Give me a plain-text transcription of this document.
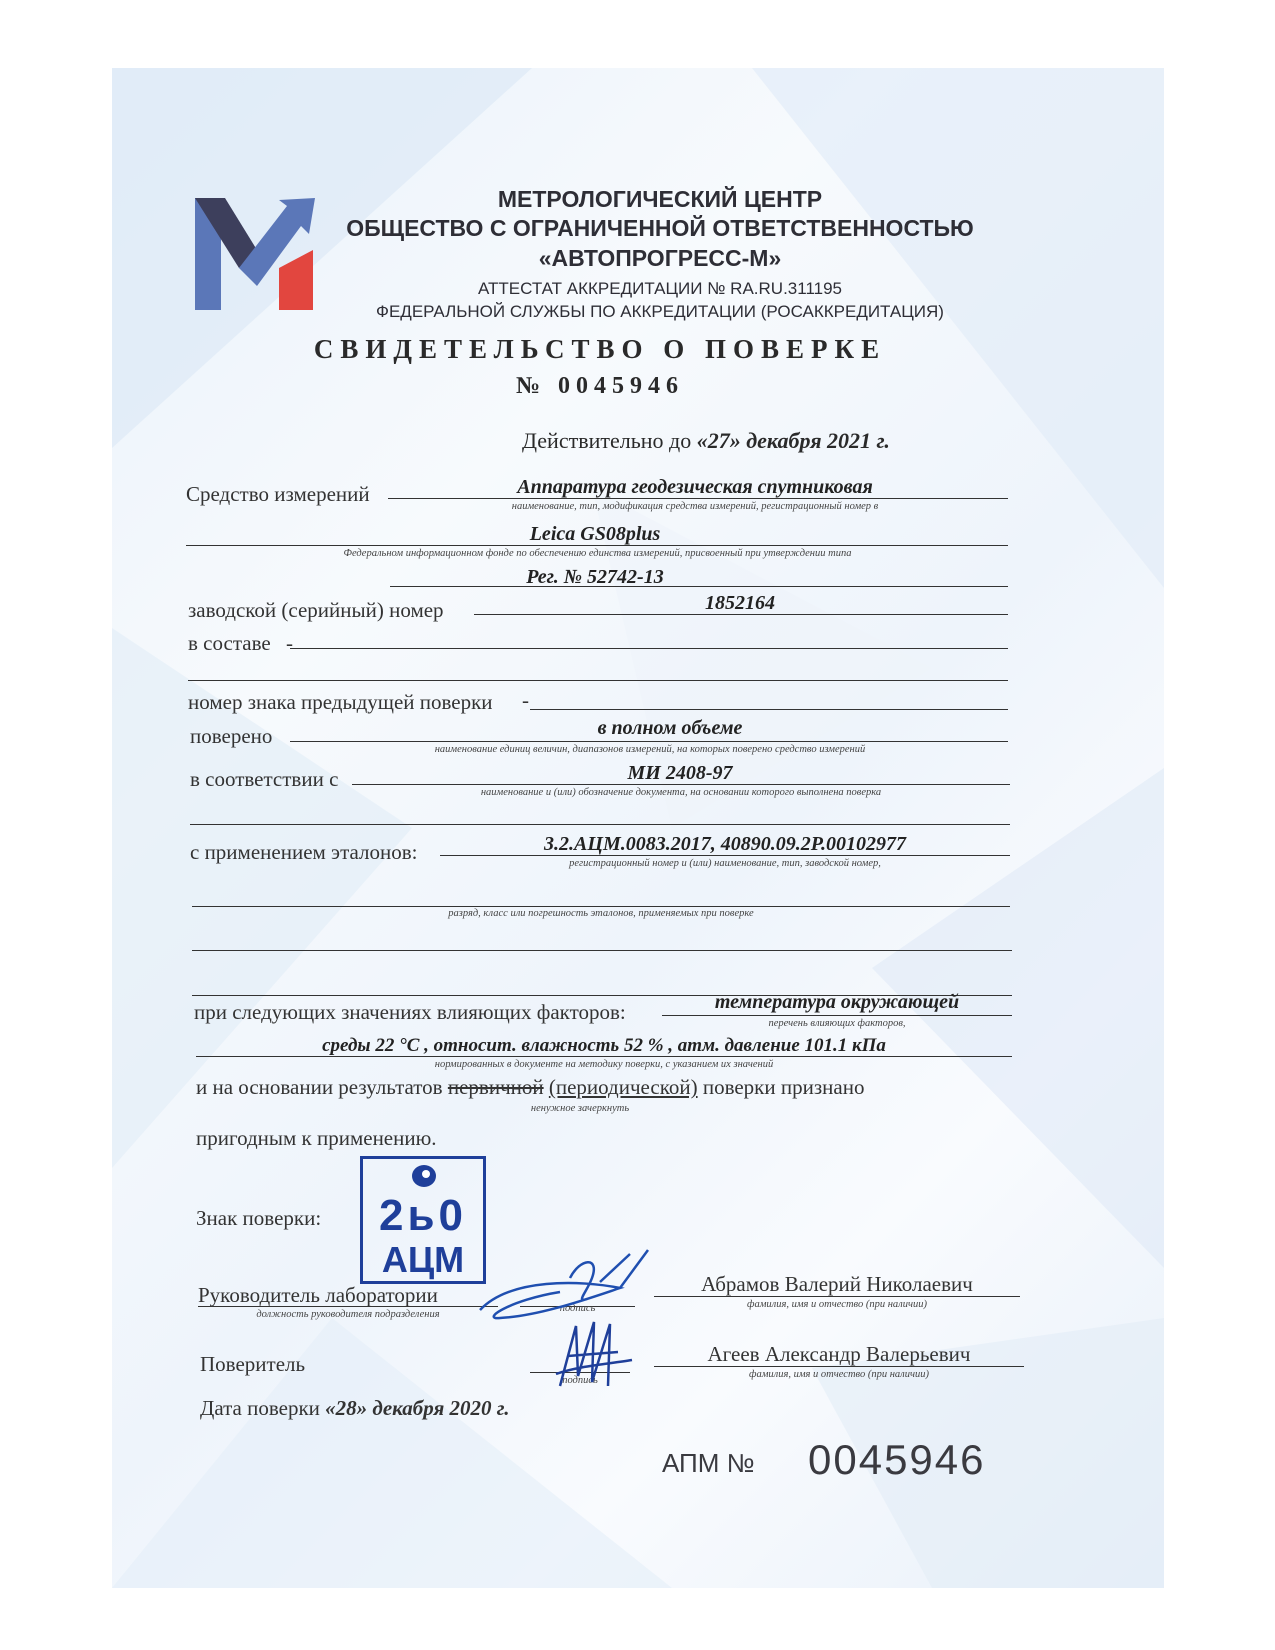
МЕТРОЛОГИЧЕСКИЙ ЦЕНТР
ОБЩЕСТВО С ОГРАНИЧЕННОЙ ОТВЕТСТВЕННОСТЬЮ
«АВТОПРОГРЕСС-М»
АТТЕСТАТ АККРЕДИТАЦИИ № RA.RU.311195
ФЕДЕРАЛЬНОЙ СЛУЖБЫ ПО АККРЕДИТАЦИИ (РОСАККРЕДИТАЦИЯ)
СВИДЕТЕЛЬСТВО О ПОВЕРКЕ
№ 0045946
Действительно до «27» декабря 2021 г.
Средство измерений	Аппаратура геодезическая спутниковая
наименование, тип, модификация средства измерений, регистрационный номер в
Leica GS08plus
Федеральном информационном фонде по обеспечению единства измерений, присвоенный при утверждении типа
Рег. № 52742-13
заводской (серийный) номер	1852164
в составе -
номер знака предыдущей поверки -
поверено	в полном объеме
наименование единиц величин, диапазонов измерений, на которых поверено средство измерений
в соответствии с	МИ 2408-97
наименование и (или) обозначение документа, на основании которого выполнена поверка
с применением эталонов:	3.2.АЦМ.0083.2017, 40890.09.2Р.00102977
регистрационный номер и (или) наименование, тип, заводской номер,
разряд, класс или погрешность эталонов, применяемых при поверке
при следующих значениях влияющих факторов:	температура окружающей
перечень влияющих факторов,
среды 22 °С , относит. влажность 52 % , атм. давление 101.1 кПа
нормированных в документе на методику поверки, с указанием их значений
и на основании результатов первичной (периодической) поверки признано
ненужное зачеркнуть
пригодным к применению.
Знак поверки:	2ь0
АЦМ
Руководитель лаборатории
должность руководителя подразделения
подпись
Абрамов Валерий Николаевич
фамилия, имя и отчество (при наличии)
Поверитель
подпись
Агеев Александр Валерьевич
фамилия, имя и отчество (при наличии)
Дата поверки «28» декабря 2020 г.
АПМ № 0045946
